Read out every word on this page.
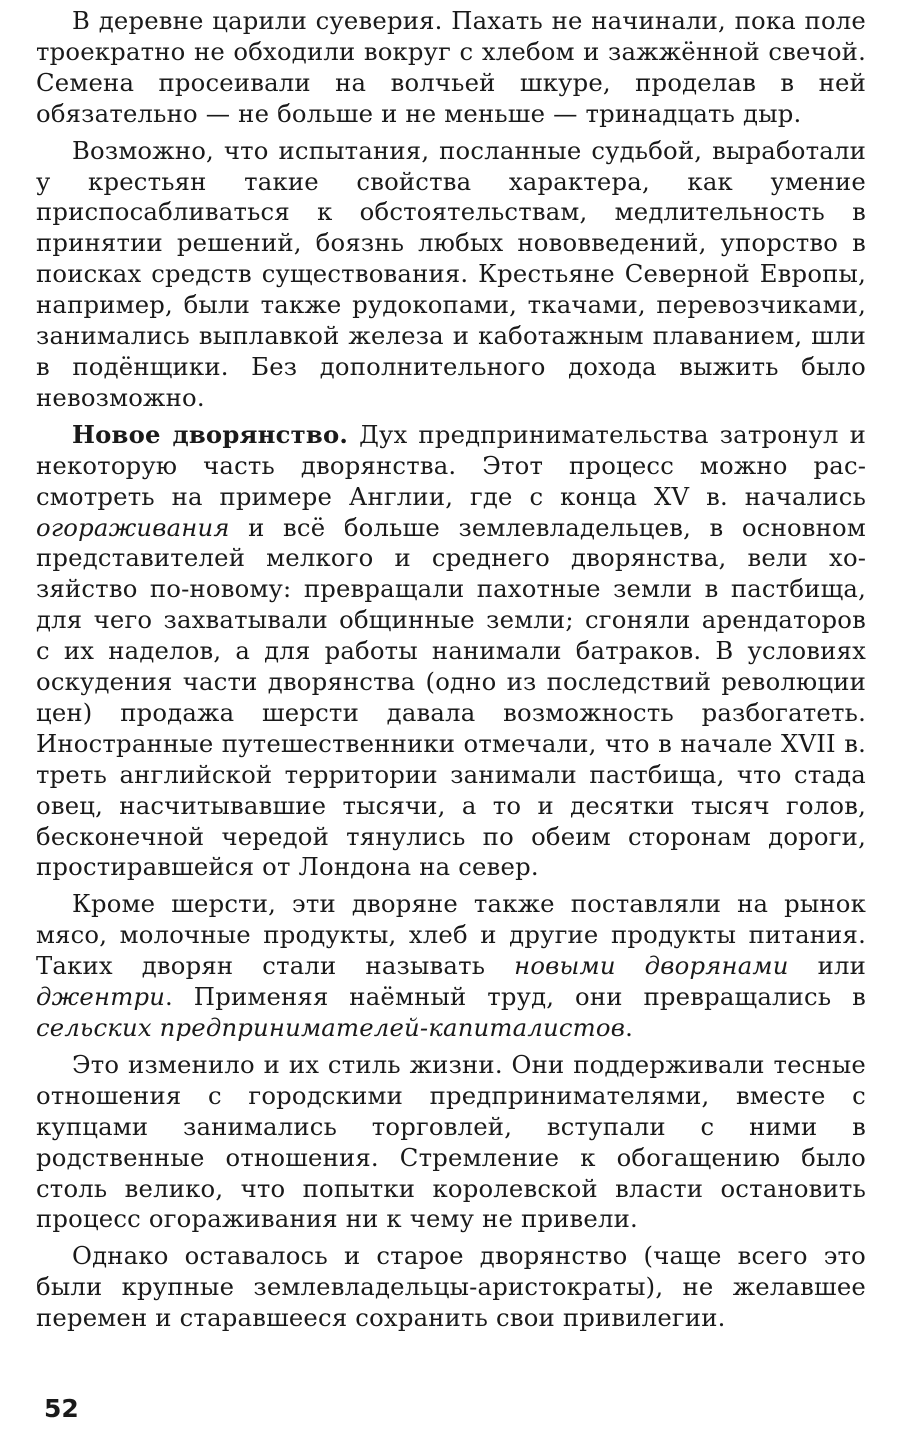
В деревне царили суеверия. Пахать не начинали, пока поле троекратно не обходили вокруг с хлебом и зажжённой свечой. Семена просеивали на волчьей шкуре, проделав в ней обязательно — не больше и не меньше — тринадцать дыр.

Возможно, что испытания, посланные судьбой, выработали у крестьян такие свойства характера, как умение приспосабливаться к обстоятельствам, медлительность в принятии решений, боязнь любых нововведений, упорство в поисках средств существования. Крестьяне Северной Европы, например, были также рудокопами, ткачами, перевозчиками, занимались выплавкой железа и каботажным плаванием, шли в подёнщики. Без дополнительного дохода выжить было невозможно.

Новое дворянство. Дух предпринимательства затронул и некоторую часть дворянства. Этот процесс можно рассмотреть на примере Англии, где с конца XV в. начались огораживания и всё больше землевладельцев, в основном представителей мелкого и среднего дворянства, вели хозяйство по-новому: превращали пахотные земли в пастбища, для чего захватывали общинные земли; сгоняли арендаторов с их наделов, а для работы нанимали батраков. В условиях оскудения части дворянства (одно из последствий революции цен) продажа шерсти давала возможность разбогатеть. Иностранные путешественники отмечали, что в начале XVII в. треть английской территории занимали пастбища, что стада овец, насчитывавшие тысячи, а то и десятки тысяч голов, бесконечной чередой тянулись по обеим сторонам дороги, простиравшейся от Лондона на север.

Кроме шерсти, эти дворяне также поставляли на рынок мясо, молочные продукты, хлеб и другие продукты питания. Таких дворян стали называть новыми дворянами или джентри. Применяя наёмный труд, они превращались в сельских предпринимателей-капиталистов.

Это изменило и их стиль жизни. Они поддерживали тесные отношения с городскими предпринимателями, вместе с купцами занимались торговлей, вступали с ними в родственные отношения. Стремление к обогащению было столь велико, что попытки королевской власти остановить процесс огораживания ни к чему не привели.

Однако оставалось и старое дворянство (чаще всего это были крупные землевладельцы-аристократы), не желавшее перемен и старавшееся сохранить свои привилегии.

52
